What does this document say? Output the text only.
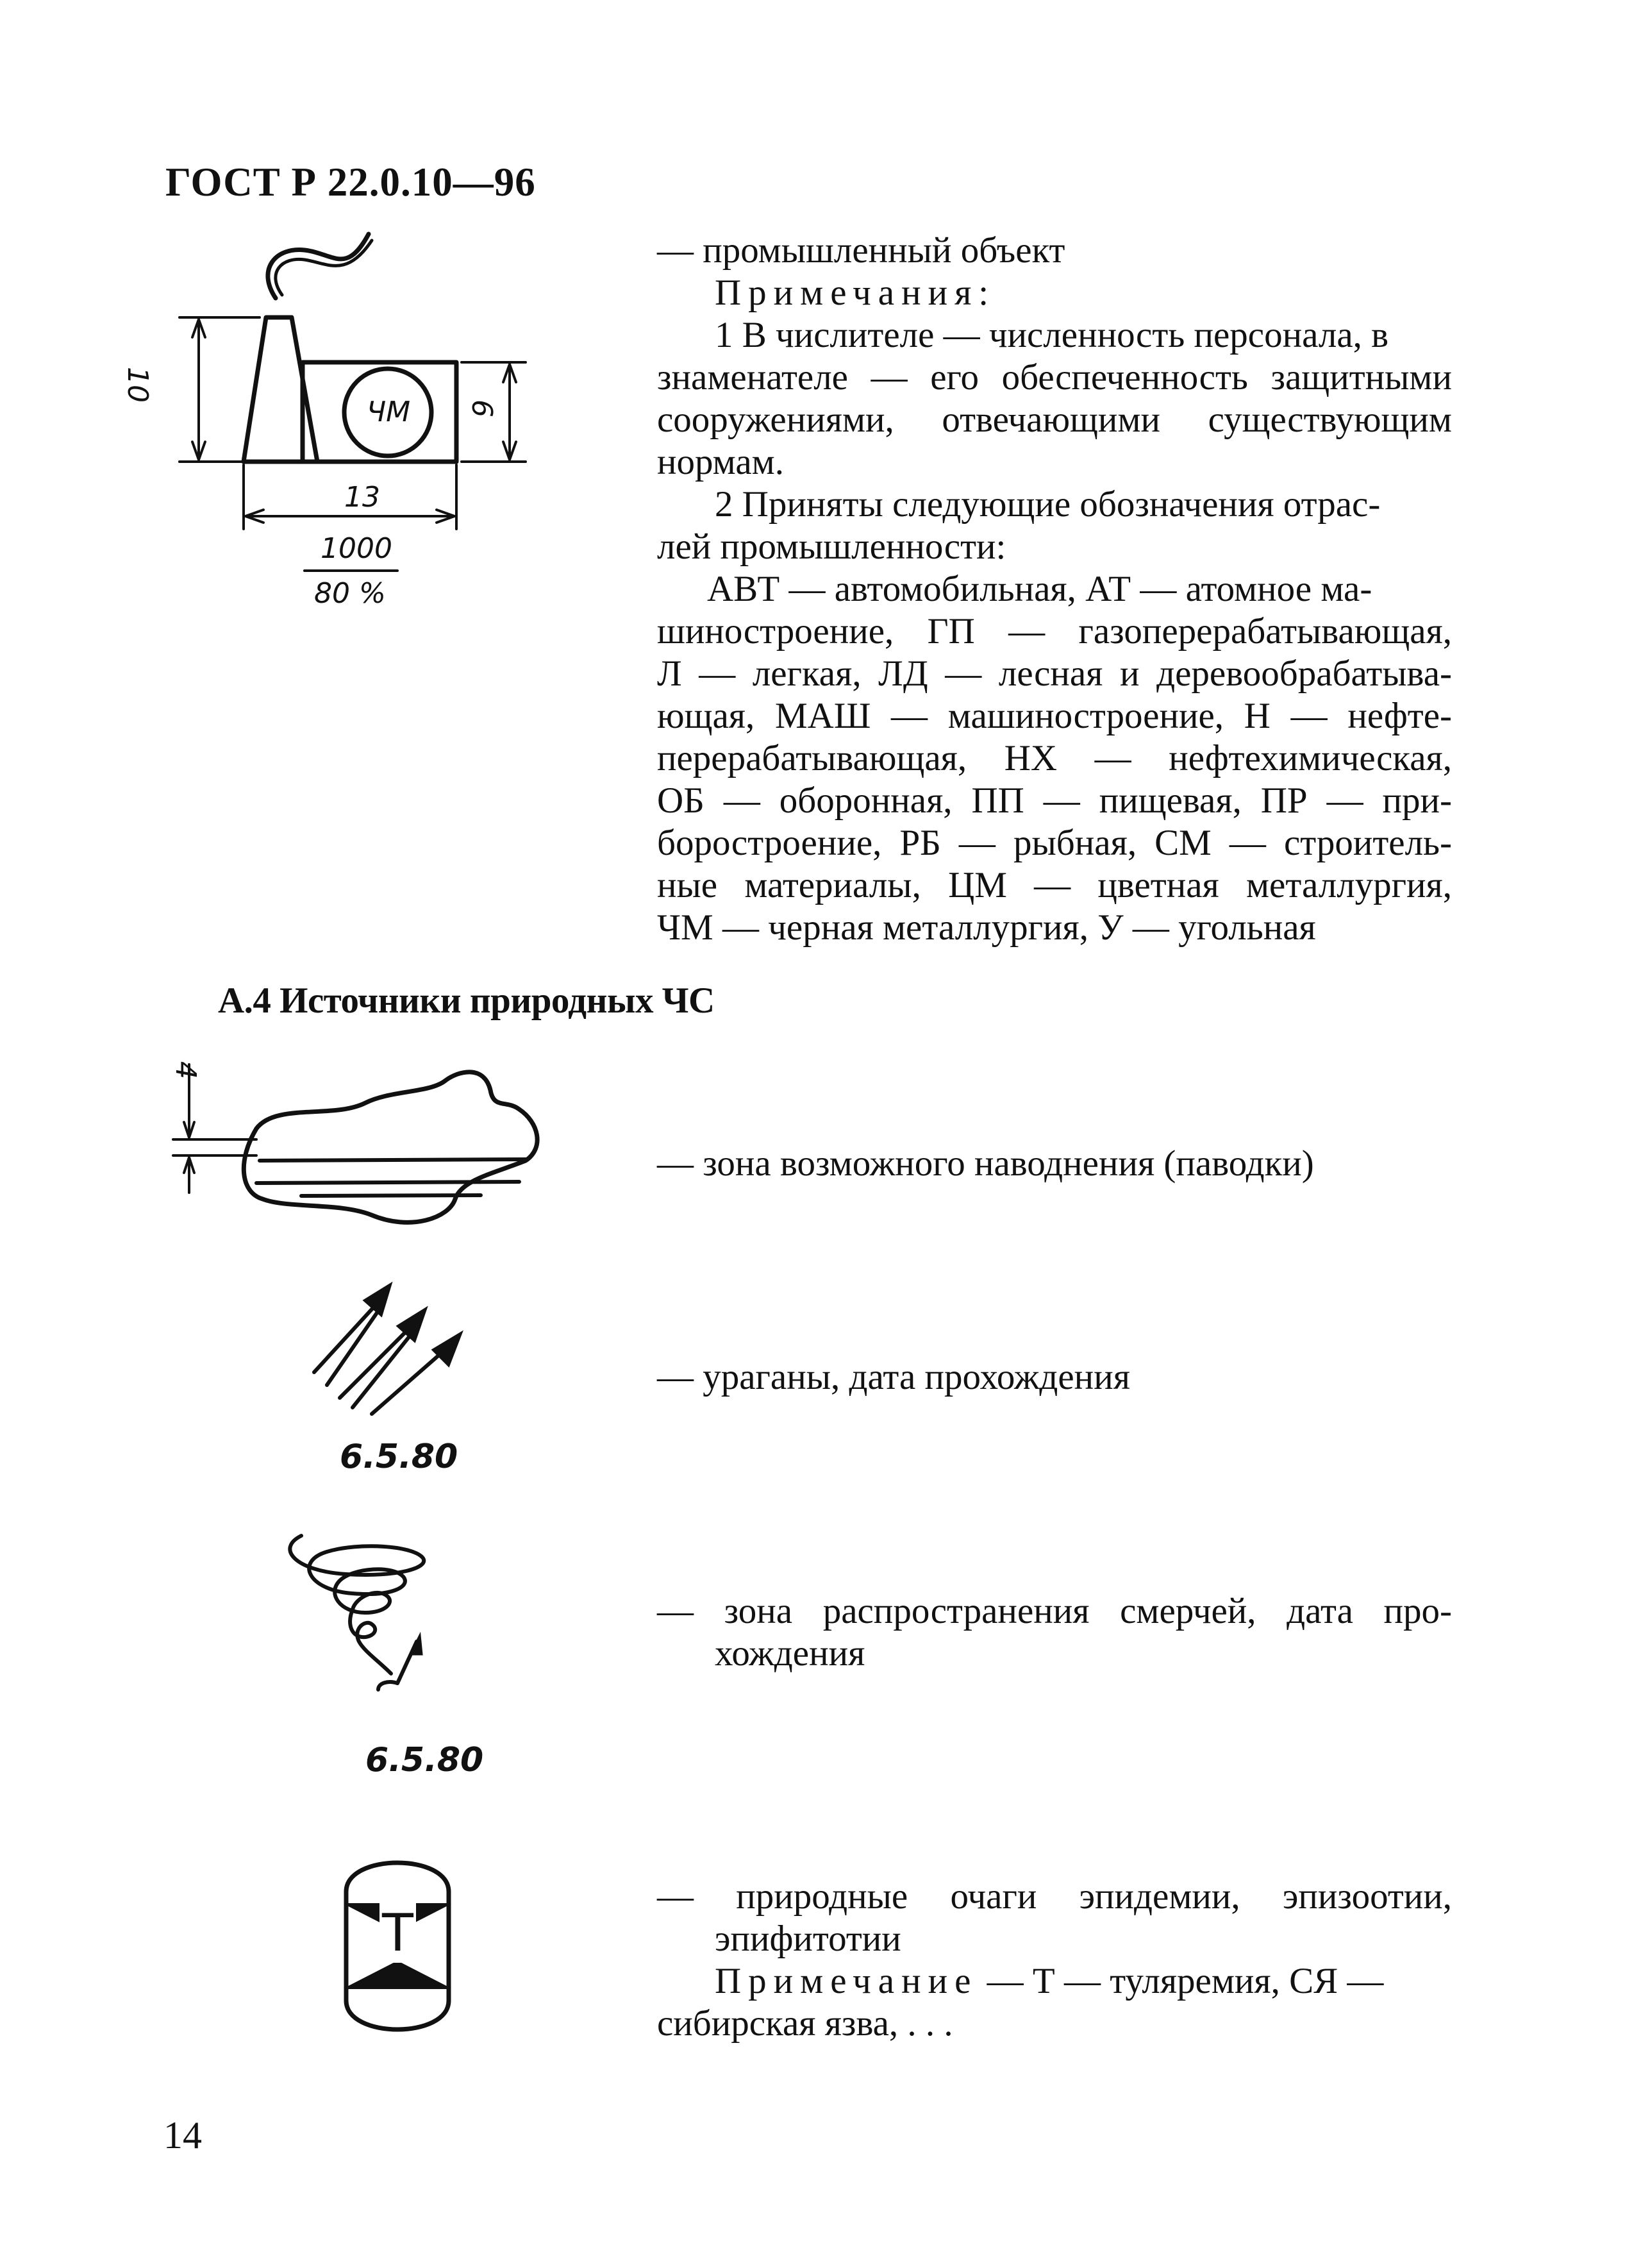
ГОСТ Р 22.0.10—96
10
6
13
ЧМ
1000
80 %
— промышленный объект
Примечания:
1 В числителе — численность персонала, в
знаменателе — его обеспеченность защитными
сооружениями, отвечающими существующим
нормам.
2 Приняты следующие обозначения отрас-
лей промышленности:
АВТ — автомобильная, АТ — атомное ма-
шиностроение, ГП — газоперерабатывающая,
Л — легкая, ЛД — лесная и деревообрабатыва-
ющая, МАШ — машиностроение, Н — нефте-
перерабатывающая, НХ — нефтехимическая,
ОБ — оборонная, ПП — пищевая, ПР — при-
боростроение, РБ — рыбная, СМ — строитель-
ные материалы, ЦМ — цветная металлургия,
ЧМ — черная металлургия, У — угольная
А.4 Источники природных ЧС
4
— зона возможного наводнения (паводки)
6.5.80
— ураганы, дата прохождения
6.5.80
— зона распространения смерчей, дата про-
хождения
Т
— природные очаги эпидемии, эпизоотии,
эпифитотии
Примечание — Т — туляремия, СЯ —
сибирская язва, . . .
14
